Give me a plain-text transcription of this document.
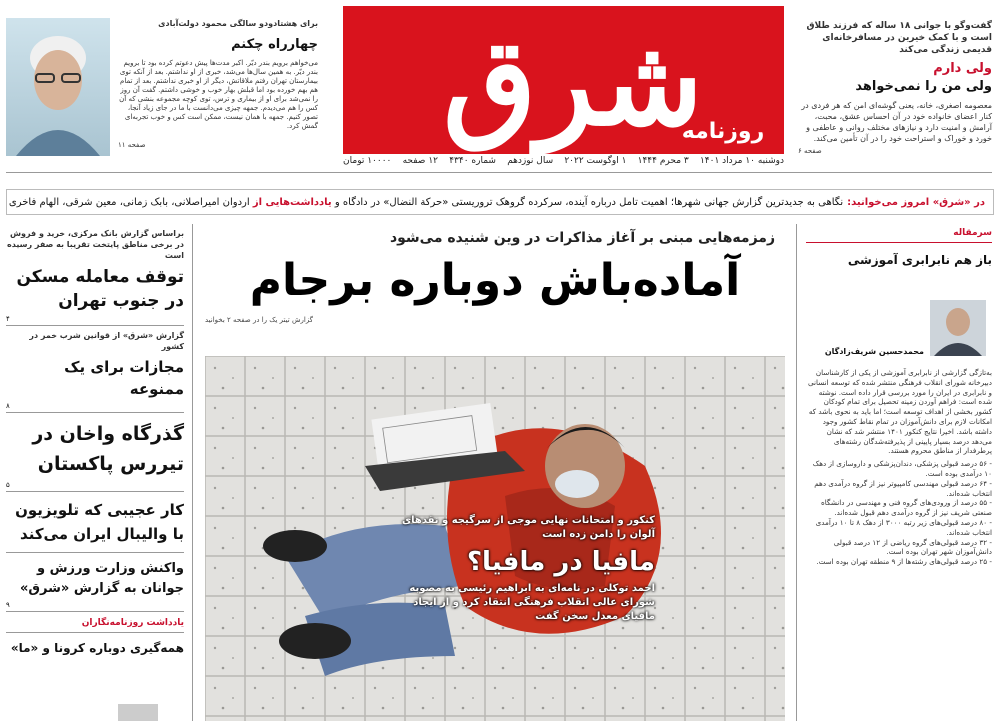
شرق
روزنامه
دوشنبه ۱۰ مرداد ۱۴۰۱
۳ محرم ۱۴۴۴
۱ اوگوست ۲۰۲۲
سال نوزدهم
شماره ۴۳۴۰
۱۲ صفحه
۱۰۰۰۰ تومان

گفت‌وگو با جوانی ۱۸ ساله که فرزند طلاق است و با کمک خیرین در مسافرخانه‌ای قدیمی زندگی می‌کند

ولی دارم
ولی من را نمی‌خواهد

معصومه اصغری، خانه، یعنی گوشه‌ای امن که هر فردی در کنار اعضای خانواده خود در آن احساس عشق، محبت، آرامش و امنیت دارد و نیازهای مختلف روانی و عاطفی و خورد و خوراک و استراحت خود را در آن تأمین می‌کند.

صفحه ۶

برای هشتادودو سالگی محمود دولت‌آبادی

چهارراه چکنم

می‌خواهم برویم بندر دیّر. اکبر مدت‌ها پیش دعوتم کرده بود تا برویم بندر دیّر. به همین سال‌ها می‌شد، خبری از او نداشتم. بعد از آنکه توی بیمارستان تهران رفتم ملاقاتش، دیگر از او خبری نداشتم. بعد از تمام هم بهم خورده بود اما قبلش بهار خوب و خوشی داشتم. گفت آن روز را نمی‌شد برای او از بیماری و ترس، توی کوچه مجموعه بنشی که آن کس را هم می‌دیدم. جمهه چیزی می‌دانست با ما در جای زیاد آنجا، تصور کنیم. جمهه با همان نیست، ممکن است کس و خوب تجربه‌ای گمش کرد.

صفحه ۱۱

در «شرق» امروز می‌خوانید:
نگاهی به جدیدترین گزارش جهانی شهرها؛ اهمیت تامل درباره آینده، سرکرده گروهک تروریستی «حرکة النضال» در دادگاه

و

یادداشت‌هایی از

اردوان امیراصلانی، بابک زمانی، معین شرقی، الهام فاخری

زمزمه‌هایی مبنی بر آغاز مذاکرات در وین شنیده می‌شود

آماده‌باش دوباره برجام

گزارش تیتر یک را در صفحه ۲ بخوانید

کنکور و امتحانات نهایی موجی از سرگیجه و نقدهای آلوان را دامن زده است

مافیا در مافیا؟

احمد توکلی در نامه‌ای به ابراهیم رئیسی به مصوبه شورای عالی انقلاب فرهنگی انتقاد کرد و از ایجاد مافیای معدل سخن گفت

براساس گزارش بانک مرکزی، خرید و فروش در برخی مناطق پایتخت تقریبا به صفر رسیده است

توقف معامله مسکن در جنوب تهران

۴

گزارش «شرق» از قوانین شرب خمر در کشور

مجازات برای یک ممنوعه

۸

گذرگاه واخان در تیررس پاکستان

۵

کار عجیبی که تلویزیون با والیبال ایران می‌کند
واکنش وزارت ورزش و جوانان به گزارش «شرق»

۹

یادداشت روزنامه‌نگاران

همه‌گیری دوباره کرونا و «ما»

سرمقاله

باز هم نابرابری آموزشی

محمدحسین شریف‌زادگان

به‌تازگی گزارشی از نابرابری آموزشی از یکی از کارشناسان دبیرخانه شورای انقلاب فرهنگی منتشر شده که توسعه انسانی و نابرابری در ایران را مورد بررسی قرار داده است. نوشته شده است: فراهم آوردن زمینه تحصیل برای تمام کودکان کشور بخشی از اهداف توسعه است؛ اما باید به نحوی باشد که امکانات لازم برای دانش‌آموزان در تمام نقاط کشور وجود داشته باشد. اخیرا نتایج کنکور ۱۴۰۱ منتشر شد که نشان می‌دهد درصد بسیار پایینی از پذیرفته‌شدگان رشته‌های پرطرفدار از مناطق محروم هستند.

- ۵۶ درصد قبولی پزشکی، دندان‌پزشکی و داروسازی از دهک ۱۰ درآمدی بوده است.

- ۶۴ درصد قبولی مهندسی کامپیوتر نیز از گروه درآمدی دهم انتخاب شده‌اند.

- ۵۵ درصد از ورودی‌های گروه فنی و مهندسی در دانشگاه صنعتی شریف نیز از گروه درآمدی دهم قبول شده‌اند.

- ۸۰ درصد قبولی‌های زیر رتبه ۳۰۰۰ از دهک ۸ تا ۱۰ درآمدی انتخاب شده‌اند.

- ۳۲ درصد قبولی‌های گروه ریاضی از ۱۲ درصد قبولی دانش‌آموزان شهر تهران بوده است.

- ۲۵ درصد قبولی‌های رشته‌ها از ۹ منطقه تهران بوده است.
